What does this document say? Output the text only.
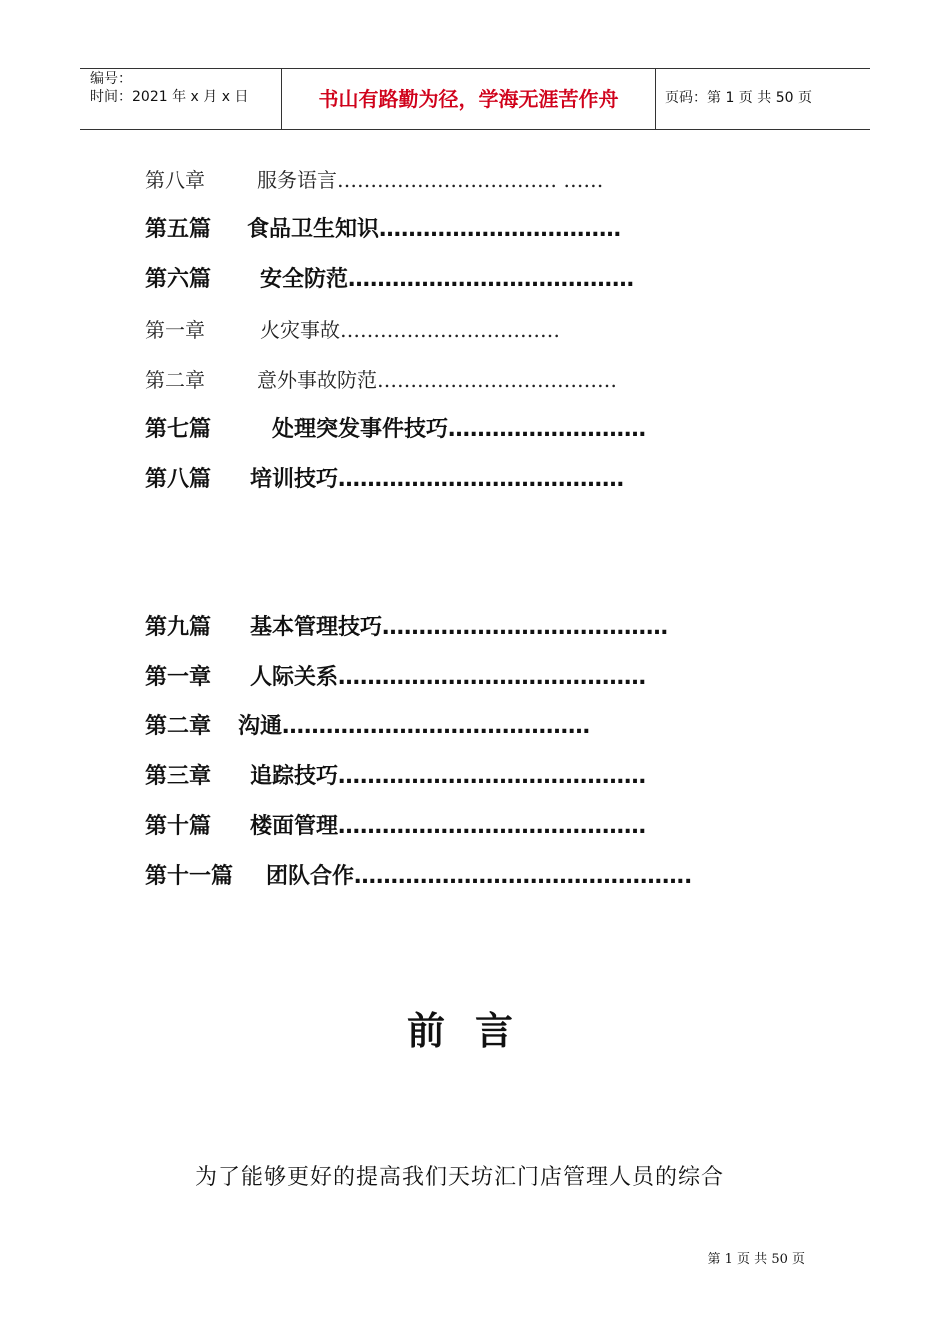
编号：
时间：2021 年 x 月 x 日	书山有路勤为径，学海无涯苦作舟	页码：第 1 页 共 50 页
第八章	服务语言…………………………… ……
第五篇 食品卫生知识……………………………
第六篇 安全防范…………………………………
第一章	火灾事故……………………………
第二章	意外事故防范………………………………
第七篇	处理突发事件技巧………………………
第八篇 培训技巧…………………………………
第九篇 基本管理技巧…………………………………
第一章 人际关系……………………………………
第二章 沟通……………………………………
第三章 追踪技巧……………………………………
第十篇 楼面管理……………………………………
第十一篇 团队合作……………………………………….
前言
为了能够更好的提高我们天坊汇门店管理人员的综合
第 1 页 共 50 页
